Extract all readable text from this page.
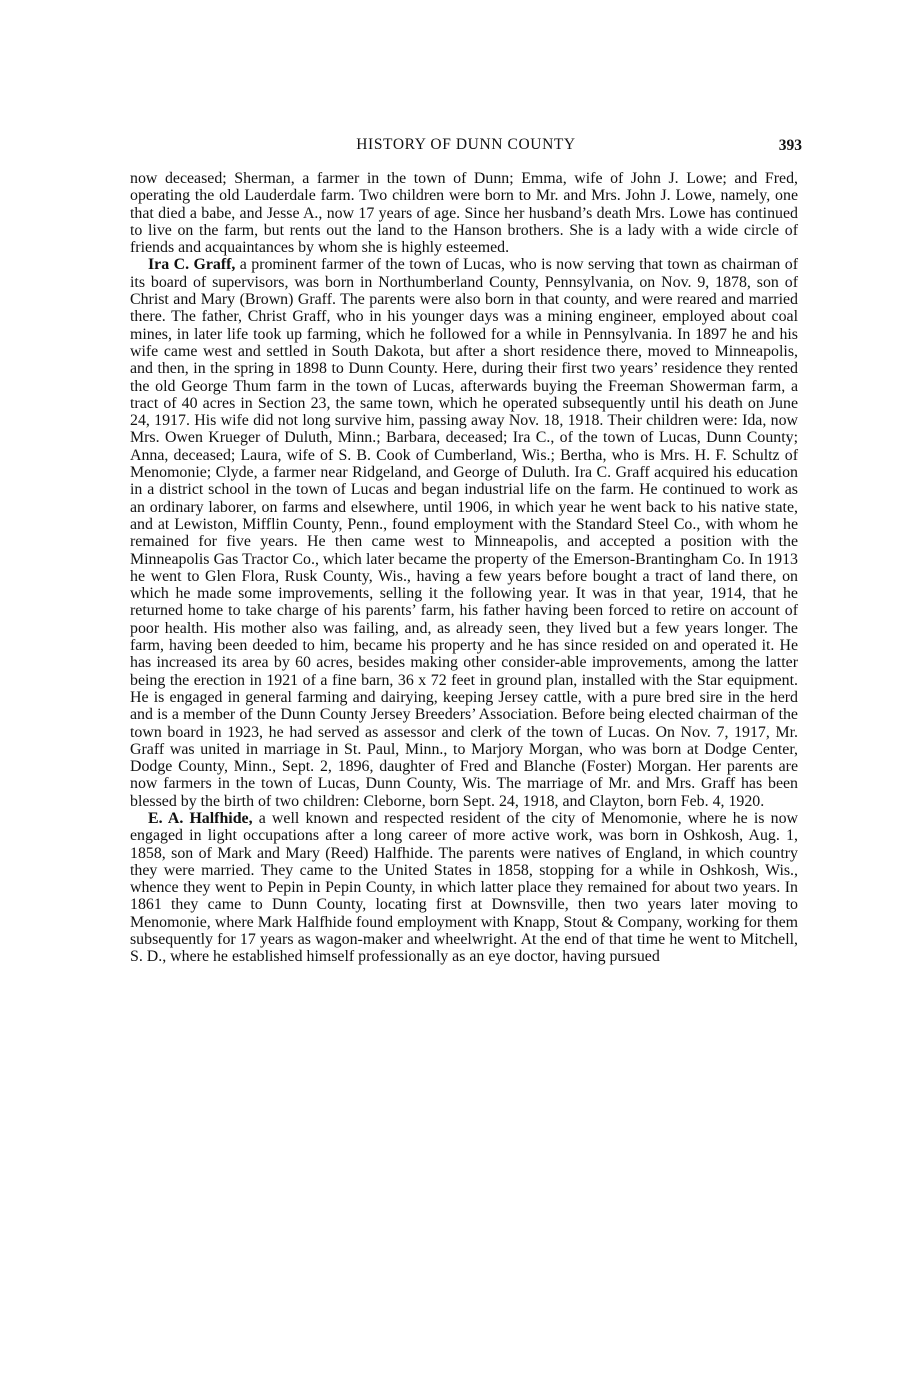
HISTORY OF DUNN COUNTY	393

now deceased; Sherman, a farmer in the town of Dunn; Emma, wife of John J. Lowe; and Fred, operating the old Lauderdale farm. Two children were born to Mr. and Mrs. John J. Lowe, namely, one that died a babe, and Jesse A., now 17 years of age. Since her husband’s death Mrs. Lowe has continued to live on the farm, but rents out the land to the Hanson brothers. She is a lady with a wide circle of friends and acquaintances by whom she is highly esteemed.

Ira C. Graff, a prominent farmer of the town of Lucas, who is now serving that town as chairman of its board of supervisors, was born in Northumberland County, Pennsylvania, on Nov. 9, 1878, son of Christ and Mary (Brown) Graff. The parents were also born in that county, and were reared and married there. The father, Christ Graff, who in his younger days was a mining engineer, employed about coal mines, in later life took up farming, which he followed for a while in Pennsylvania. In 1897 he and his wife came west and settled in South Dakota, but after a short residence there, moved to Minneapolis, and then, in the spring in 1898 to Dunn County. Here, during their first two years’ residence they rented the old George Thum farm in the town of Lucas, afterwards buying the Freeman Showerman farm, a tract of 40 acres in Section 23, the same town, which he operated subsequently until his death on June 24, 1917. His wife did not long survive him, passing away Nov. 18, 1918. Their children were: Ida, now Mrs. Owen Krueger of Duluth, Minn.; Barbara, deceased; Ira C., of the town of Lucas, Dunn County; Anna, deceased; Laura, wife of S. B. Cook of Cumberland, Wis.; Bertha, who is Mrs. H. F. Schultz of Menomonie; Clyde, a farmer near Ridgeland, and George of Duluth. Ira C. Graff acquired his education in a district school in the town of Lucas and began industrial life on the farm. He continued to work as an ordinary laborer, on farms and elsewhere, until 1906, in which year he went back to his native state, and at Lewiston, Mifflin County, Penn., found employment with the Standard Steel Co., with whom he remained for five years. He then came west to Minneapolis, and accepted a position with the Minneapolis Gas Tractor Co., which later became the property of the Emerson-Brantingham Co. In 1913 he went to Glen Flora, Rusk County, Wis., having a few years before bought a tract of land there, on which he made some improvements, selling it the following year. It was in that year, 1914, that he returned home to take charge of his parents’ farm, his father having been forced to retire on account of poor health. His mother also was failing, and, as already seen, they lived but a few years longer. The farm, having been deeded to him, became his property and he has since resided on and operated it. He has increased its area by 60 acres, besides making other consider-able improvements, among the latter being the erection in 1921 of a fine barn, 36 x 72 feet in ground plan, installed with the Star equipment. He is engaged in general farming and dairying, keeping Jersey cattle, with a pure bred sire in the herd and is a member of the Dunn County Jersey Breeders’ Association. Before being elected chairman of the town board in 1923, he had served as assessor and clerk of the town of Lucas. On Nov. 7, 1917, Mr. Graff was united in marriage in St. Paul, Minn., to Marjory Morgan, who was born at Dodge Center, Dodge County, Minn., Sept. 2, 1896, daughter of Fred and Blanche (Foster) Morgan. Her parents are now farmers in the town of Lucas, Dunn County, Wis. The marriage of Mr. and Mrs. Graff has been blessed by the birth of two children: Cleborne, born Sept. 24, 1918, and Clayton, born Feb. 4, 1920.

E. A. Halfhide, a well known and respected resident of the city of Menomonie, where he is now engaged in light occupations after a long career of more active work, was born in Oshkosh, Aug. 1, 1858, son of Mark and Mary (Reed) Halfhide. The parents were natives of England, in which country they were married. They came to the United States in 1858, stopping for a while in Oshkosh, Wis., whence they went to Pepin in Pepin County, in which latter place they remained for about two years. In 1861 they came to Dunn County, locating first at Downsville, then two years later moving to Menomonie, where Mark Halfhide found employment with Knapp, Stout & Company, working for them subsequently for 17 years as wagon-maker and wheelwright. At the end of that time he went to Mitchell, S. D., where he established himself professionally as an eye doctor, having pursued
